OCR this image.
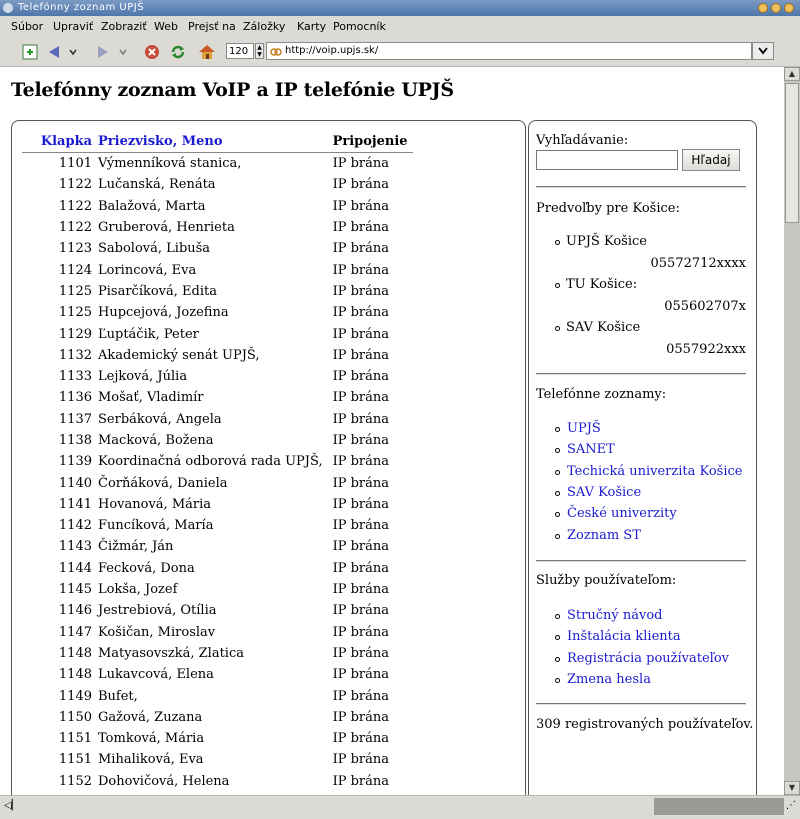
Telefónny zoznam UPJŠ
Súbor Upraviť Zobraziť Web Prejsť na Záložky Karty Pomocník
120	▲
▼ http://voip.upjs.sk/
Telefónny zoznam VoIP a IP telefónie UPJŠ
Klapka	Priezvisko, Meno	Pripojenie
1101	Výmenníková stanica,	IP brána
1122	Lučanská, Renáta	IP brána
1122	Balažová, Marta	IP brána
1122	Gruberová, Henrieta	IP brána
1123	Sabolová, Libuša	IP brána
1124	Lorincová, Eva	IP brána
1125	Pisarčíková, Edita	IP brána
1125	Hupcejová, Jozefina	IP brána
1129	Ľuptáčik, Peter	IP brána
1132	Akademický senát UPJŠ,	IP brána
1133	Lejková, Júlia	IP brána
1136	Mošať, Vladimír	IP brána
1137	Serbáková, Angela	IP brána
1138	Macková, Božena	IP brána
1139	Koordinačná odborová rada UPJŠ,	IP brána
1140	Čorňáková, Daniela	IP brána
1141	Hovanová, Mária	IP brána
1142	Funcíková, María	IP brána
1143	Čižmár, Ján	IP brána
1144	Fecková, Dona	IP brána
1145	Lokša, Jozef	IP brána
1146	Jestrebiová, Otília	IP brána
1147	Košičan, Miroslav	IP brána
1148	Matyasovszká, Zlatica	IP brána
1148	Lukavcová, Elena	IP brána
1149	Bufet,	IP brána
1150	Gažová, Zuzana	IP brána
1151	Tomková, Mária	IP brána
1151	Mihaliková, Eva	IP brána
1152	Dohovičová, Helena	IP brána
Vyhľadávanie:
Hľadaj
Predvoľby pre Košice:
UPJŠ Košice
05572712xxxx
TU Košice:
055602707x
SAV Košice
0557922xxx
Telefónne zoznamy:
UPJŠ
SANET
Techická univerzita Košice
SAV Košice
České univerzity
Zoznam ST
Služby používateľom:
Stručný návod
Inštalácia klienta
Registrácia používateľov
Zmena hesla
309 registrovaných používateľov.
▲
▼
◁▏	⋰
